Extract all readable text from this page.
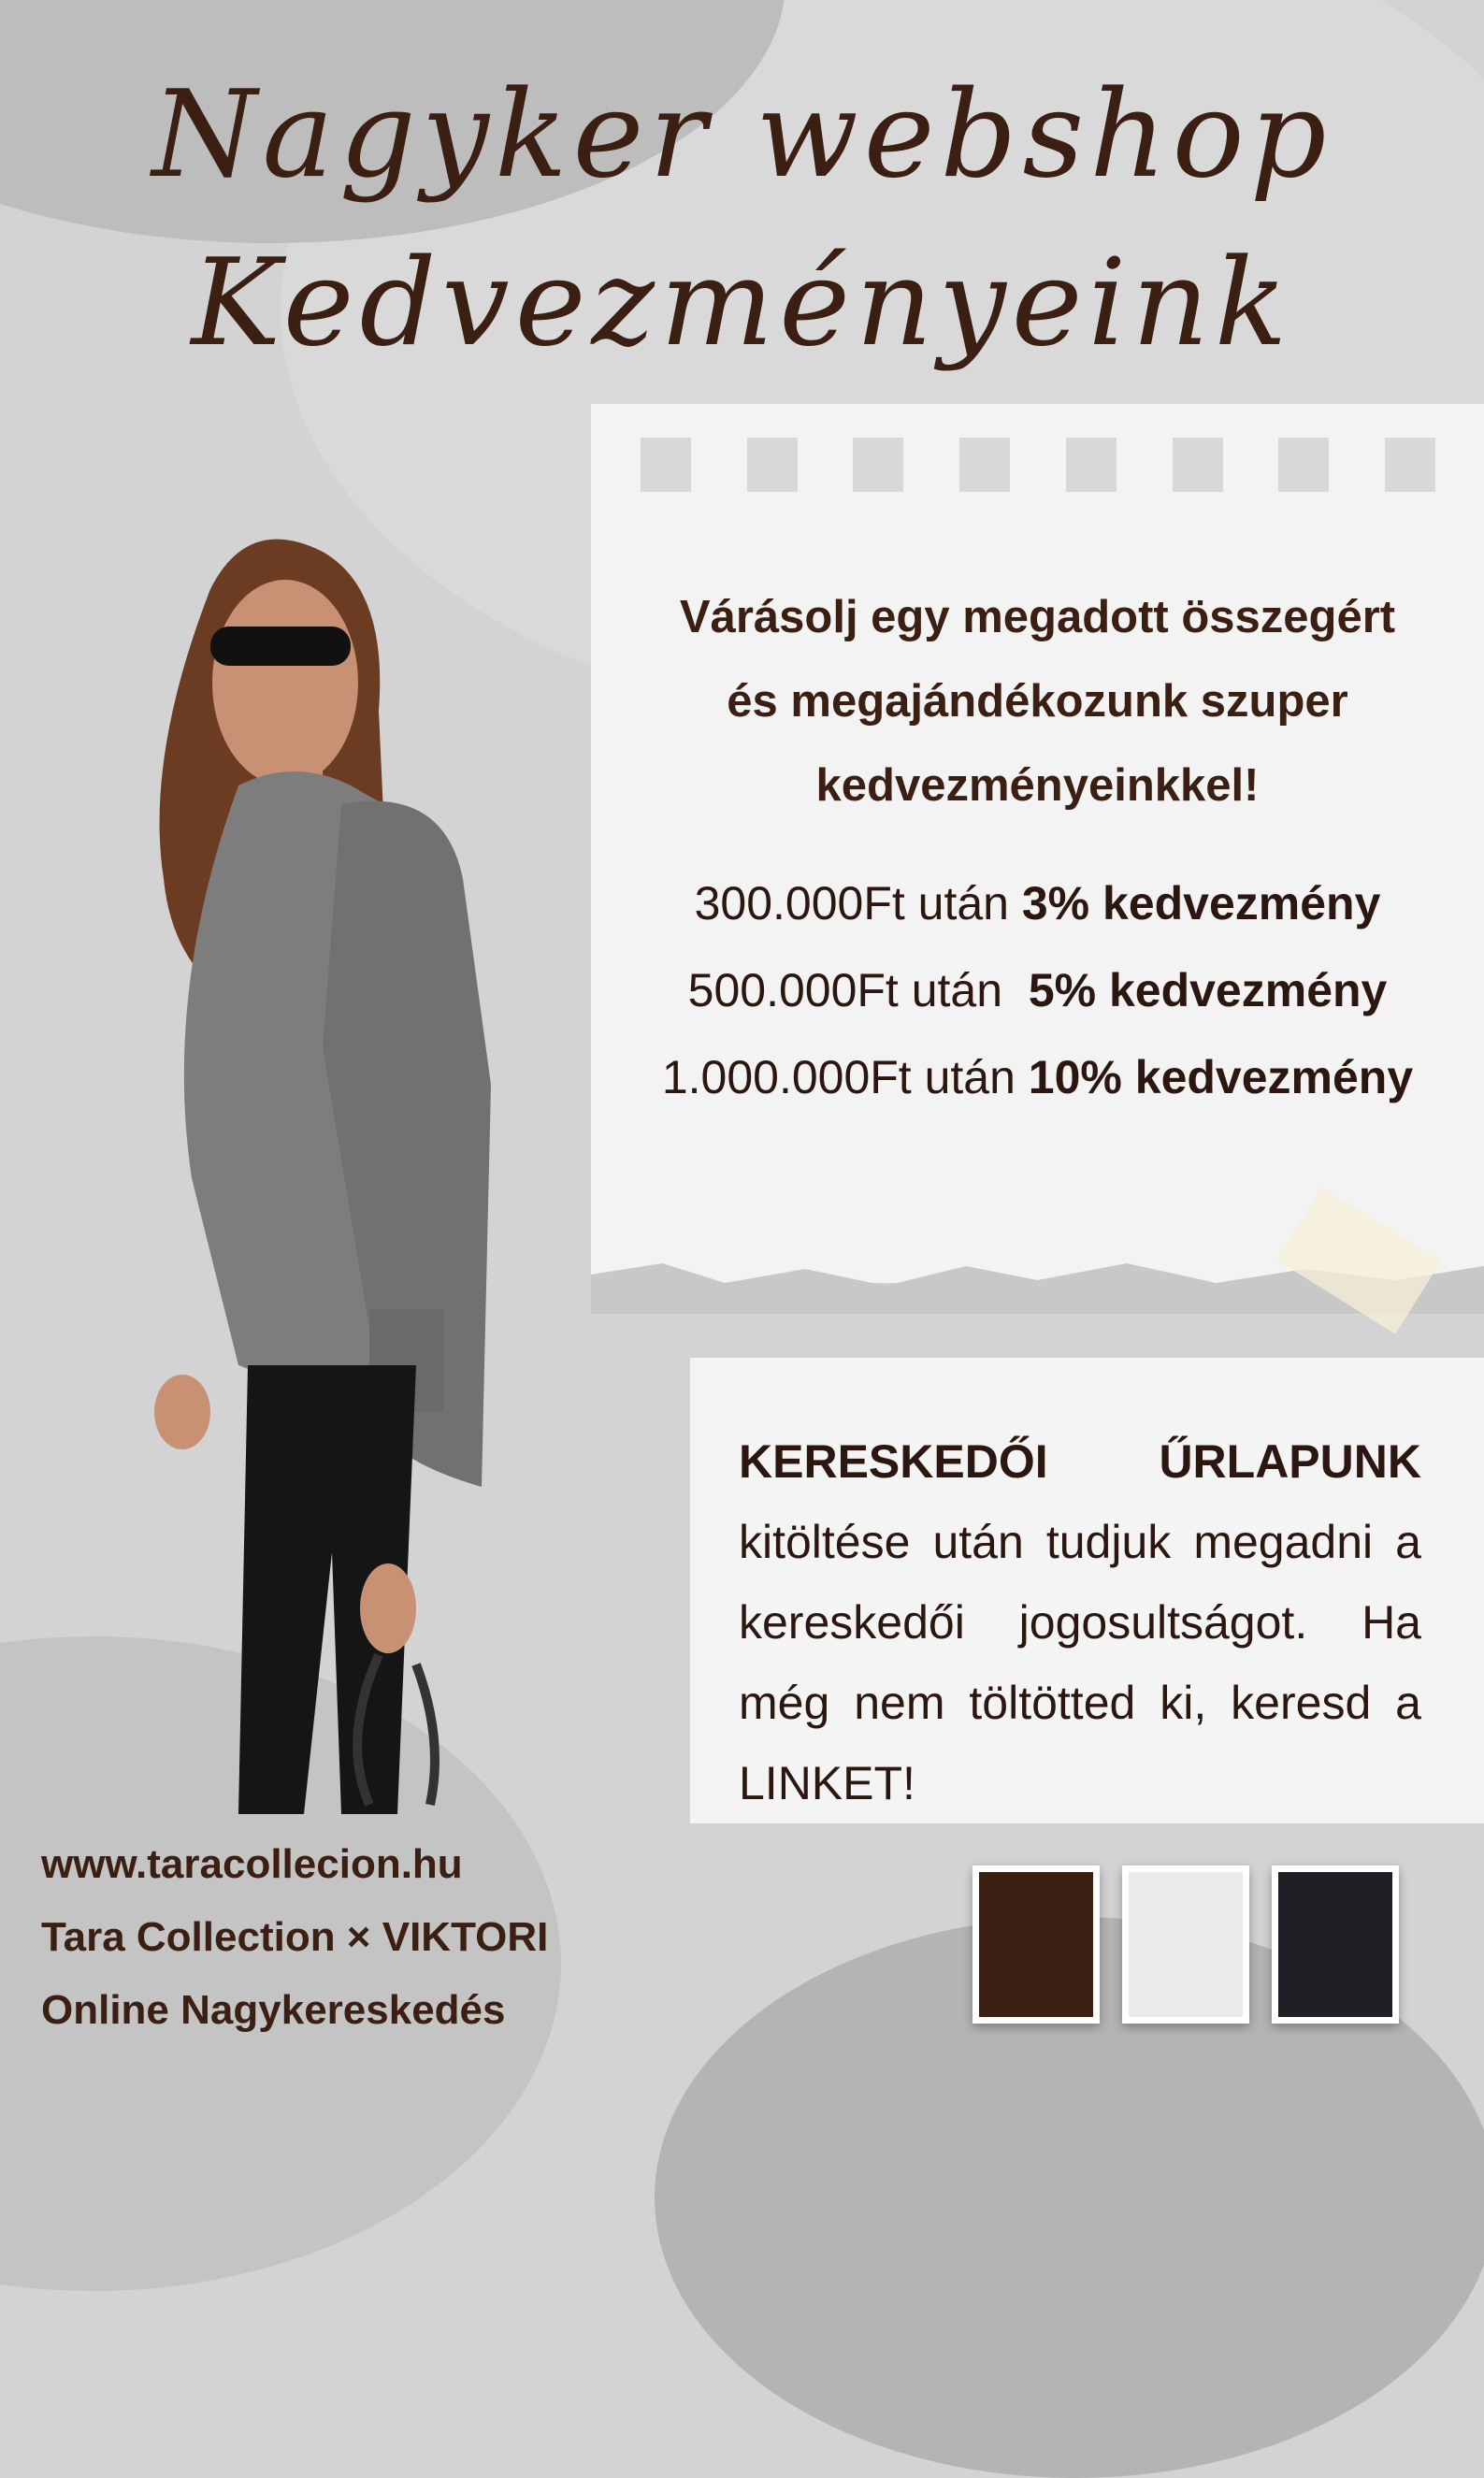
Nagyker webshop
Kedvezményeink

Várásolj egy megadott összegért
és megajándékozunk szuper
kedvezményeinkkel!

300.000Ft után 3% kedvezmény
500.000Ft után  5% kedvezmény
1.000.000Ft után 10% kedvezmény

KERESKEDŐI ŰRLAPUNK
kitöltése után tudjuk megadni a kereskedői jogosultságot. Ha még nem töltötted ki, keresd a LINKET!

www.taracollecion.hu
Tara Collection × VIKTORI
Online Nagykereskedés
